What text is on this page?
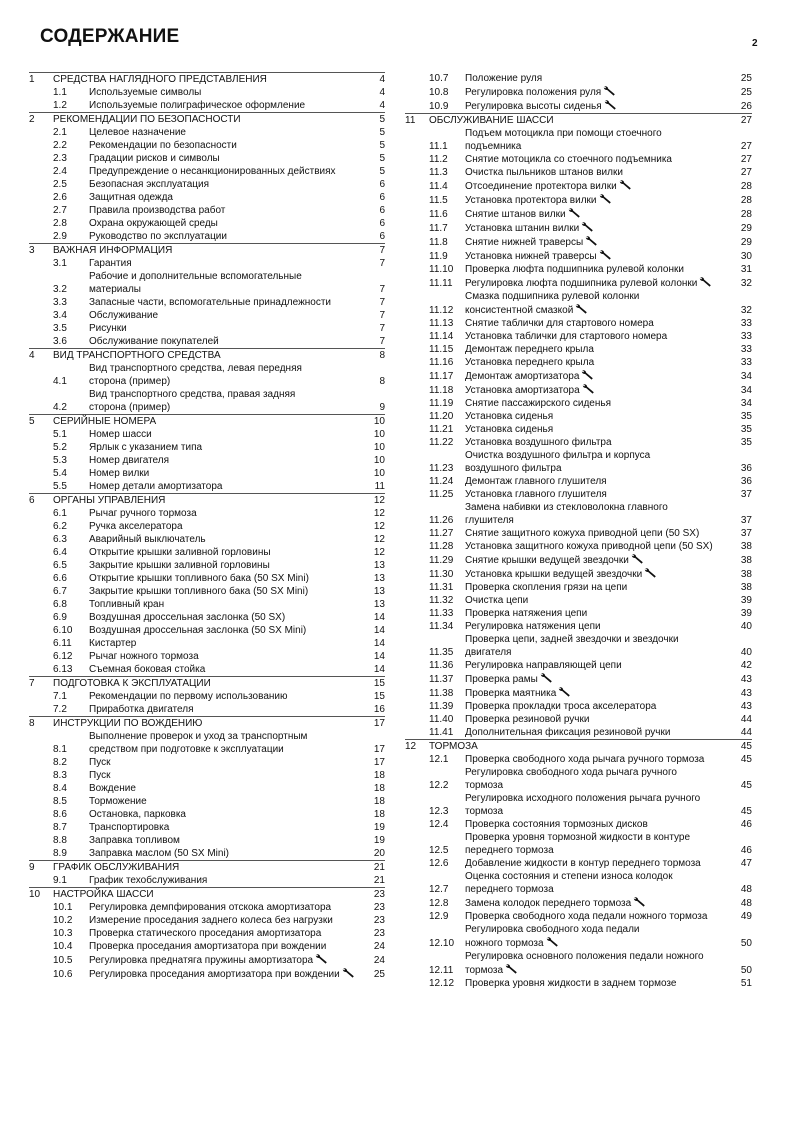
СОДЕРЖАНИЕ	2
1	СРЕДСТВА НАГЛЯДНОГО ПРЕДСТАВЛЕНИЯ	4
1.1	Используемые символы	4
1.2	Используемые полиграфическое оформление	4
2	РЕКОМЕНДАЦИИ ПО БЕЗОПАСНОСТИ	5
2.1	Целевое назначение	5
2.2	Рекомендации по безопасности	5
2.3	Градации рисков и символы	5
2.4	Предупреждение о несанкционированных действиях	5
2.5	Безопасная эксплуатация	6
2.6	Защитная одежда	6
2.7	Правила производства работ	6
2.8	Охрана окружающей среды	6
2.9	Руководство по эксплуатации	6
3	ВАЖНАЯ ИНФОРМАЦИЯ	7
3.1	Гарантия	7
3.2
Рабочие и дополнительные вспомогательные
материалы	7
3.3	Запасные части, вспомогательные принадлежности	7
3.4	Обслуживание	7
3.5	Рисунки	7
3.6	Обслуживание покупателей	7
4	ВИД ТРАНСПОРТНОГО СРЕДСТВА	8
4.1
Вид транспортного средства, левая передняя
сторона (пример)	8
4.2
Вид транспортного средства, правая задняя
сторона (пример)	9
5	СЕРИЙНЫЕ НОМЕРА	10
5.1	Номер шасси	10
5.2	Ярлык с указанием типа	10
5.3	Номер двигателя	10
5.4	Номер вилки	10
5.5	Номер детали амортизатора	11
6	ОРГАНЫ УПРАВЛЕНИЯ	12
6.1	Рычаг ручного тормоза	12
6.2	Ручка акселератора	12
6.3	Аварийный выключатель	12
6.4	Открытие крышки заливной горловины	12
6.5	Закрытие крышки заливной горловины	13
6.6	Открытие крышки топливного бака (50 SX Mini)	13
6.7	Закрытие крышки топливного бака (50 SX Mini)	13
6.8	Топливный кран	13
6.9	Воздушная дроссельная заслонка (50 SX)	14
6.10	Воздушная дроссельная заслонка (50 SX Mini)	14
6.11	Кистартер	14
6.12	Рычаг ножного тормоза	14
6.13	Съемная боковая стойка	14
7	ПОДГОТОВКА К ЭКСПЛУАТАЦИИ	15
7.1	Рекомендации по первому использованию	15
7.2	Приработка двигателя	16
8	ИНСТРУКЦИИ ПО ВОЖДЕНИЮ	17
8.1
Выполнение проверок и уход за транспортным
средством при подготовке к эксплуатации	17
8.2	Пуск	17
8.3	Пуск	18
8.4	Вождение	18
8.5	Торможение	18
8.6	Остановка, парковка	18
8.7	Транспортировка	19
8.8	Заправка топливом	19
8.9	Заправка маслом (50 SX Mini)	20
9	ГРАФИК ОБСЛУЖИВАНИЯ	21
9.1	График техобслуживания	21
10	НАСТРОЙКА ШАССИ	23
10.1	Регулировка демпфирования отскока амортизатора	23
10.2	Измерение проседания заднего колеса без нагрузки	23
10.3	Проверка статического проседания амортизатора	23
10.4	Проверка проседания амортизатора при вождении	24
10.5	Регулировка преднатяга пружины амортизатора	24
10.6	Регулировка проседания амортизатора при вождении	25
10.7	Положение руля	25
10.8	Регулировка положения руля	25
10.9	Регулировка высоты сиденья	26
11	ОБСЛУЖИВАНИЕ ШАССИ	27
11.1
Подъем мотоцикла при помощи стоечного
подъемника	27
11.2	Снятие мотоцикла со стоечного подъемника	27
11.3	Очистка пыльников штанов вилки	27
11.4	Отсоединение протектора вилки	28
11.5	Установка протектора вилки	28
11.6	Снятие штанов вилки	28
11.7	Установка штанин вилки	29
11.8	Снятие нижней траверсы	29
11.9	Установка нижней траверсы	30
11.10	Проверка люфта подшипника рулевой колонки	31
11.11	Регулировка люфта подшипника рулевой колонки	32
11.12
Смазка подшипника рулевой колонки
консистентной смазкой	32
11.13	Снятие таблички для стартового номера	33
11.14	Установка таблички для стартового номера	33
11.15	Демонтаж переднего крыла	33
11.16	Установка переднего крыла	33
11.17	Демонтаж амортизатора	34
11.18	Установка амортизатора	34
11.19	Снятие пассажирского сиденья	34
11.20	Установка сиденья	35
11.21	Установка сиденья	35
11.22	Установка воздушного фильтра	35
11.23
Очистка воздушного фильтра и корпуса
воздушного фильтра	36
11.24	Демонтаж главного глушителя	36
11.25	Установка главного глушителя	37
11.26
Замена набивки из стекловолокна главного
глушителя	37
11.27	Снятие защитного кожуха приводной цепи (50 SX)	37
11.28	Установка защитного кожуха приводной цепи (50 SX)	38
11.29	Снятие крышки ведущей звездочки	38
11.30	Установка крышки ведущей звездочки	38
11.31	Проверка скопления грязи на цепи	38
11.32	Очистка цепи	39
11.33	Проверка натяжения цепи	39
11.34	Регулировка натяжения цепи	40
11.35
Проверка цепи, задней звездочки и звездочки
двигателя	40
11.36	Регулировка направляющей цепи	42
11.37	Проверка рамы	43
11.38	Проверка маятника	43
11.39	Проверка прокладки троса акселератора	43
11.40	Проверка резиновой ручки	44
11.41	Дополнительная фиксация резиновой ручки	44
12	ТОРМОЗА	45
12.1	Проверка свободного хода рычага ручного тормоза	45
12.2
Регулировка свободного хода рычага ручного
тормоза	45
12.3
Регулировка исходного положения рычага ручного
тормоза	45
12.4	Проверка состояния тормозных дисков	46
12.5
Проверка уровня тормозной жидкости в контуре
переднего тормоза	46
12.6	Добавление жидкости в контур переднего тормоза	47
12.7
Оценка состояния и степени износа колодок
переднего тормоза	48
12.8	Замена колодок переднего тормоза	48
12.9	Проверка свободного хода педали ножного тормоза	49
12.10
Регулировка свободного хода педали
ножного тормоза	50
12.11
Регулировка основного положения педали ножного
тормоза	50
12.12	Проверка уровня жидкости в заднем тормозе	51
